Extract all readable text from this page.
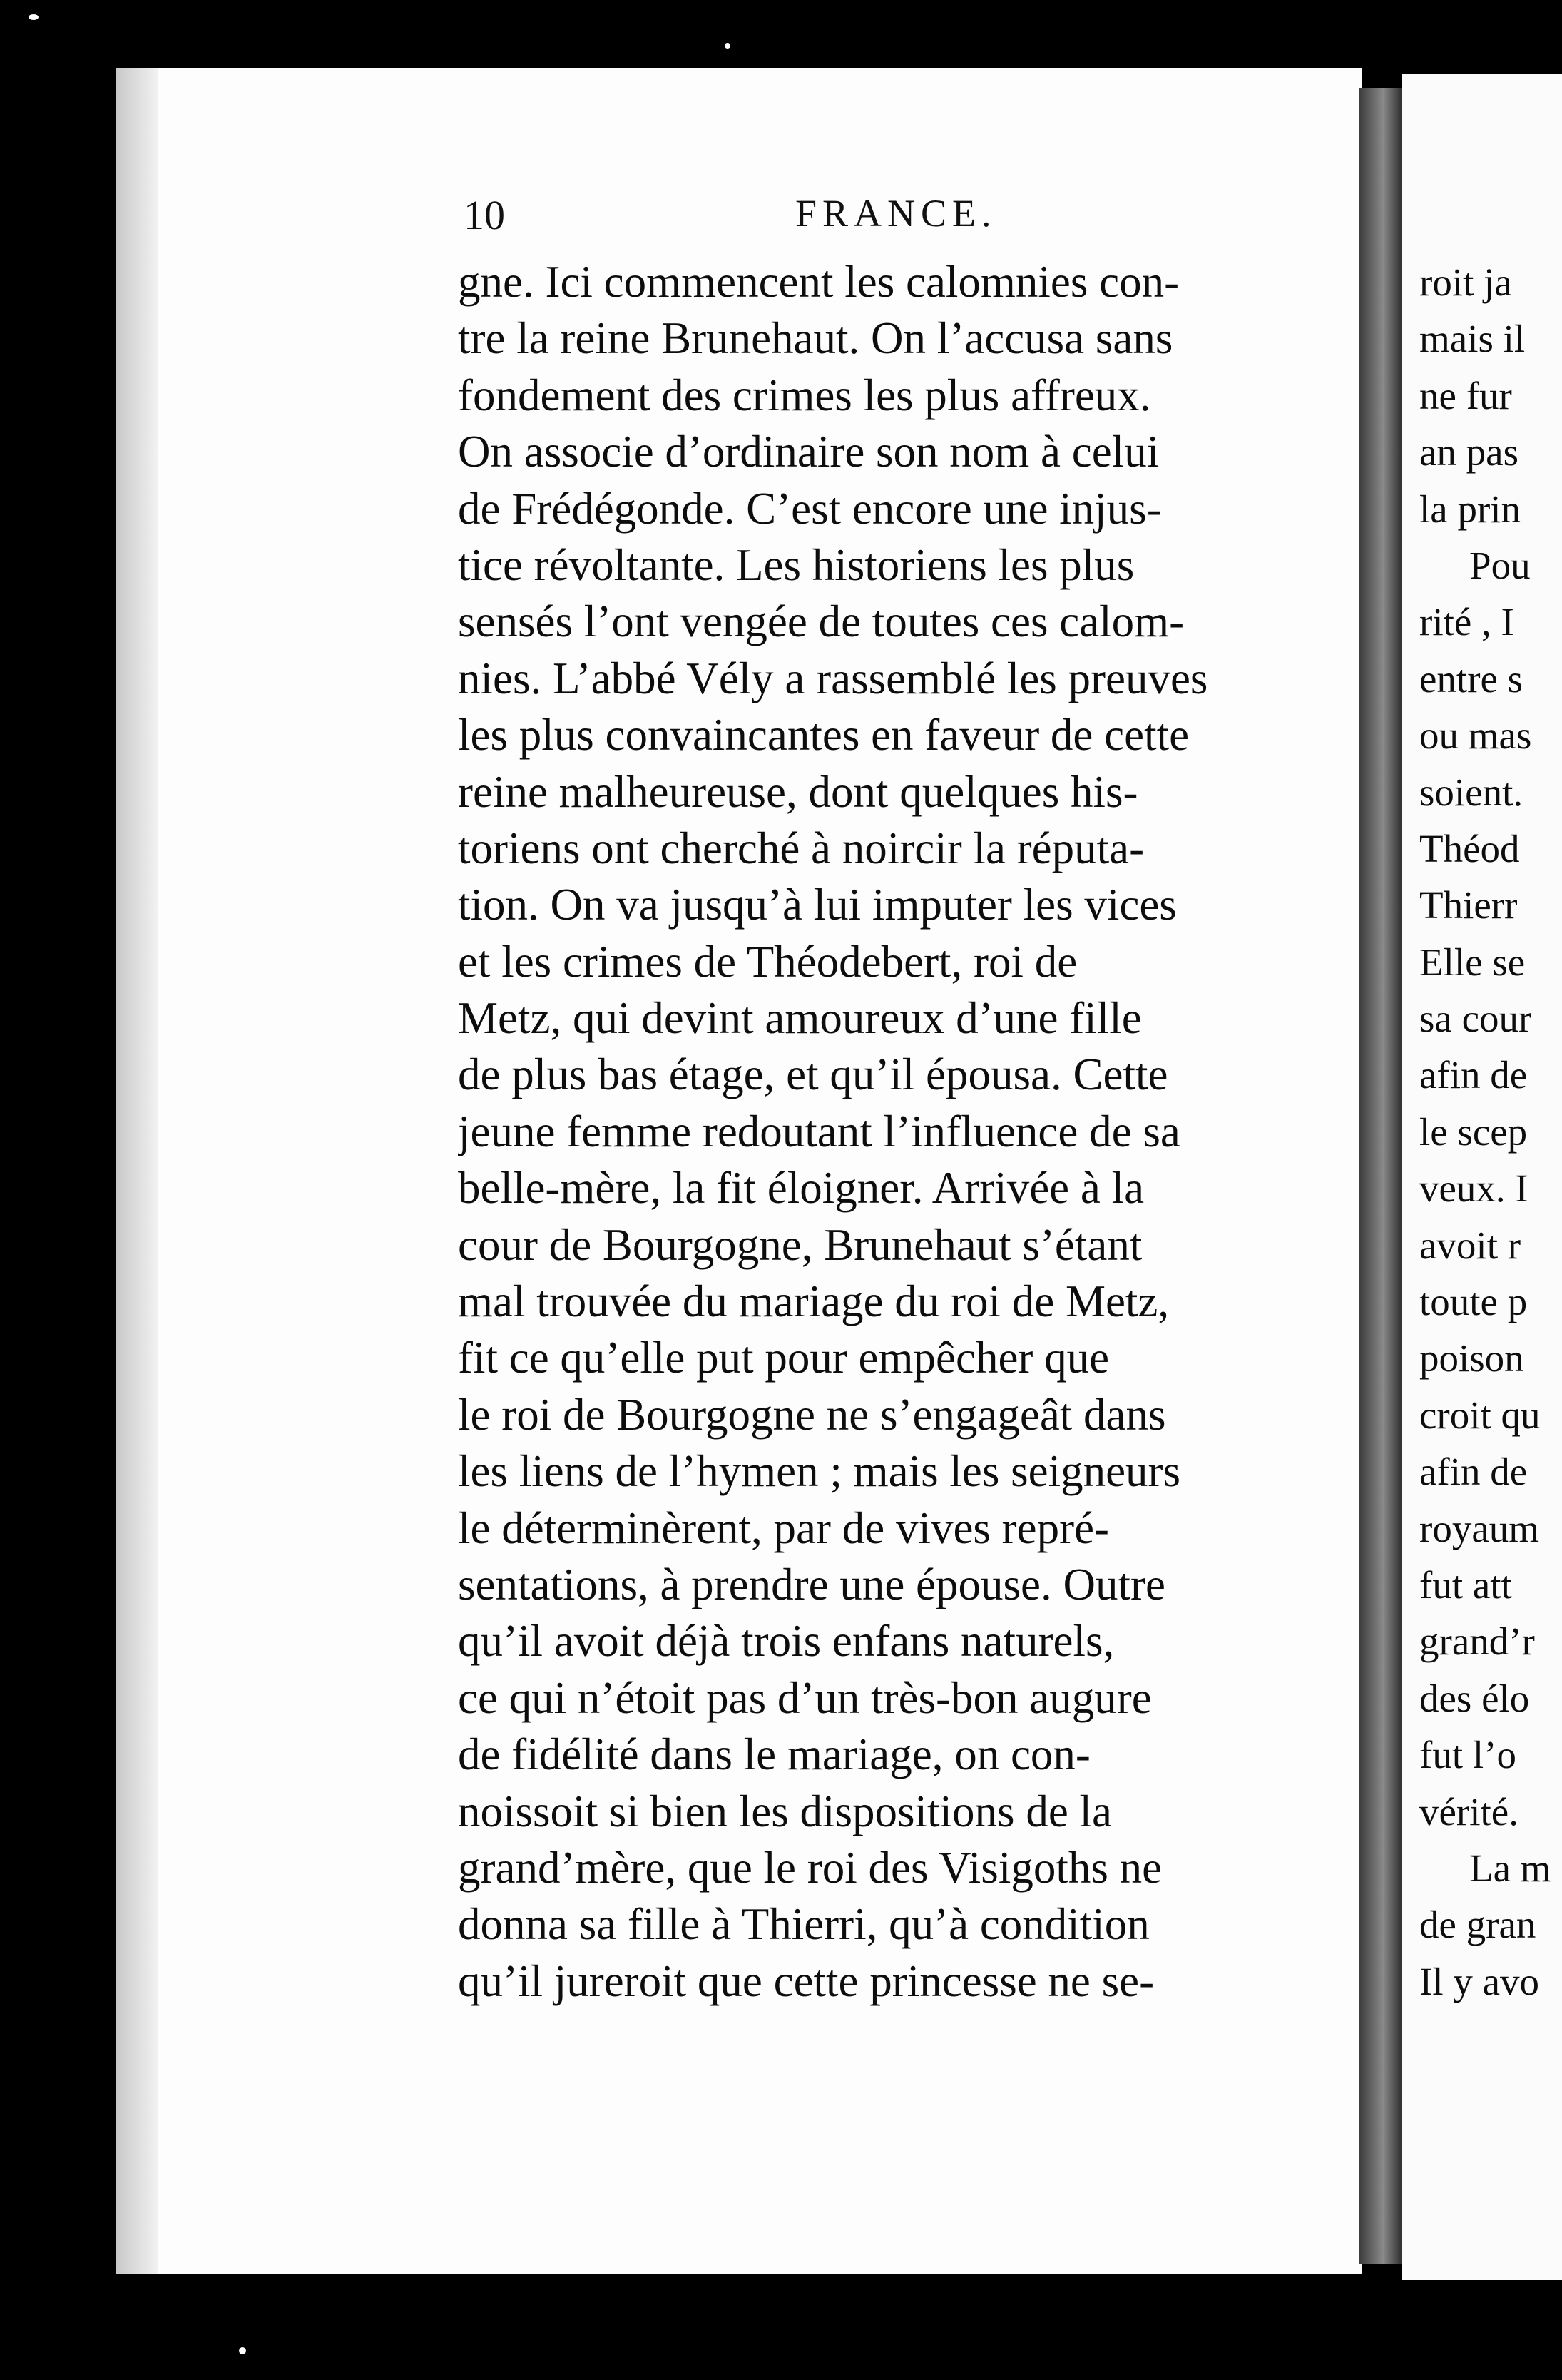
10	FRANCE.
gne. Ici commencent les calomnies con-
tre la reine Brunehaut. On l’accusa sans
fondement des crimes les plus affreux.
On associe d’ordinaire son nom à celui
de Frédégonde. C’est encore une injus-
tice révoltante. Les historiens les plus
sensés l’ont vengée de toutes ces calom-
nies. L’abbé Vély a rassemblé les preuves
les plus convaincantes en faveur de cette
reine malheureuse, dont quelques his-
toriens ont cherché à noircir la réputa-
tion. On va jusqu’à lui imputer les vices
et les crimes de Théodebert, roi de
Metz, qui devint amoureux d’une fille
de plus bas étage, et qu’il épousa. Cette
jeune femme redoutant l’influence de sa
belle-mère, la fit éloigner. Arrivée à la
cour de Bourgogne, Brunehaut s’étant
mal trouvée du mariage du roi de Metz,
fit ce qu’elle put pour empêcher que
le roi de Bourgogne ne s’engageât dans
les liens de l’hymen ; mais les seigneurs
le déterminèrent, par de vives repré-
sentations, à prendre une épouse. Outre
qu’il avoit déjà trois enfans naturels,
ce qui n’étoit pas d’un très-bon augure
de fidélité dans le mariage, on con-
noissoit si bien les dispositions de la
grand’mère, que le roi des Visigoths ne
donna sa fille à Thierri, qu’à condition
qu’il jureroit que cette princesse ne se-
roit ja
mais il
ne fur
an pas
la prin
Pou
rité , I
entre s
ou mas
soient.
Théod
Thierr
Elle se
sa cour
afin de
le scep
veux. I
avoit r
toute p
poison
croit qu
afin de
royaum
fut att
grand’r
des élo
fut l’o
vérité.
La m
de gran
Il y avo
